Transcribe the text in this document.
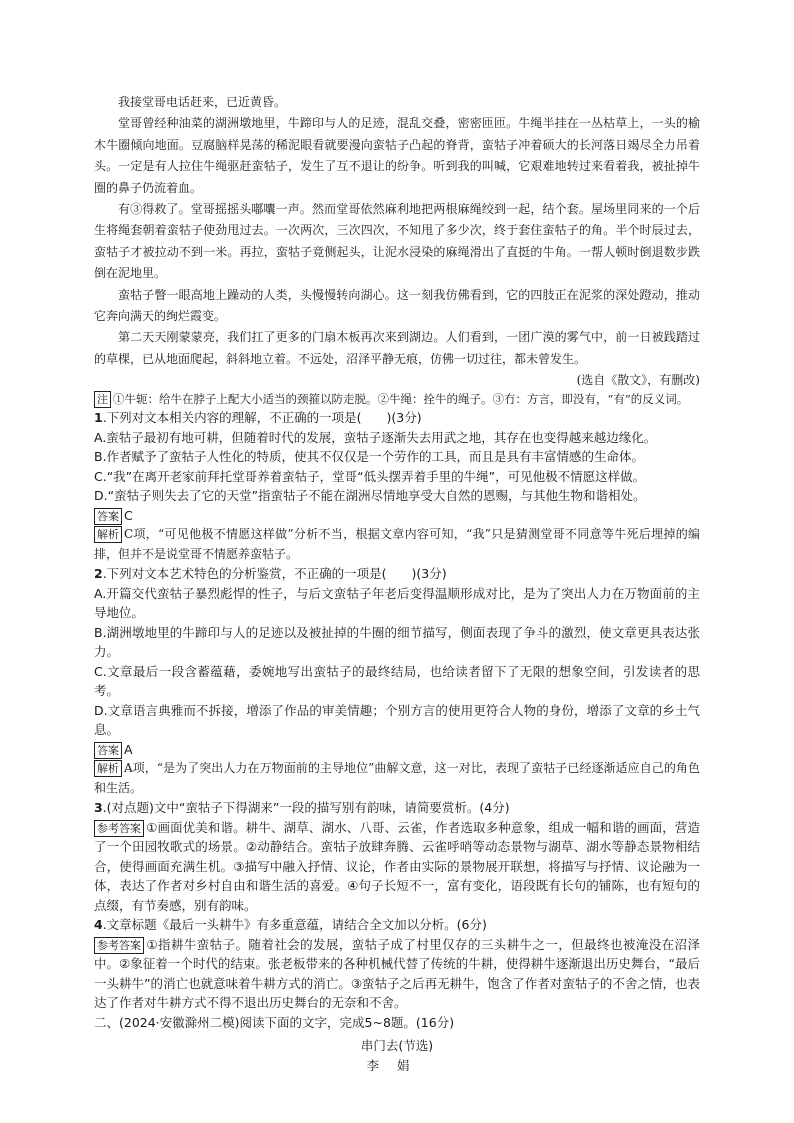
我接堂哥电话赶来，已近黄昏。

堂哥曾经种油菜的湖洲墩地里，牛蹄印与人的足迹，混乱交叠，密密匝匝。牛绳半挂在一丛枯草上，一头的榆木牛圈倾向地面。豆腐脑样晃荡的稀泥眼看就要漫向蛮牯子凸起的脊背，蛮牯子冲着硕大的长河落日竭尽全力吊着头。一定是有人拉住牛绳驱赶蛮牯子，发生了互不退让的纷争。听到我的叫喊，它艰难地转过来看着我，被扯掉牛圈的鼻子仍流着血。

有③得救了。堂哥摇摇头嘟囔一声。然而堂哥依然麻利地把两根麻绳绞到一起，结个套。屋场里同来的一个后生将绳套朝着蛮牯子使劲甩过去。一次两次，三次四次，不知甩了多少次，终于套住蛮牯子的角。半个时辰过去，蛮牯子才被拉动不到一米。再拉，蛮牯子竟侧起头，让泥水浸染的麻绳滑出了直挺的牛角。一帮人顿时倒退数步跌倒在泥地里。

蛮牯子瞥一眼高地上躁动的人类，头慢慢转向湖心。这一刻我仿佛看到，它的四肢正在泥浆的深处蹬动，推动它奔向满天的绚烂霞变。

第二天天刚蒙蒙亮，我们扛了更多的门扇木板再次来到湖边。人们看到，一团广漠的雾气中，前一日被践踏过的草棵，已从地面爬起，斜斜地立着。不远处，沼泽平静无痕，仿佛一切过往，都未曾发生。

(选自《散文》，有删改)

注 ①牛轭：给牛在脖子上配大小适当的颈箍以防走脱。②牛绳：拴牛的绳子。③冇：方言，即没有，“有”的反义词。

1.下列对文本相关内容的理解，不正确的一项是(　　)(3分)

A.蛮牯子最初有地可耕，但随着时代的发展，蛮牯子逐渐失去用武之地，其存在也变得越来越边缘化。

B.作者赋予了蛮牯子人性化的特质，使其不仅仅是一个劳作的工具，而且是具有丰富情感的生命体。

C.“我”在离开老家前拜托堂哥养着蛮牯子，堂哥“低头摆弄着手里的牛绳”，可见他极不情愿这样做。

D.“蛮牯子则失去了它的天堂”指蛮牯子不能在湖洲尽情地享受大自然的恩赐，与其他生物和谐相处。

答案 C

解析 C项，“可见他极不情愿这样做”分析不当，根据文章内容可知，“我”只是猜测堂哥不同意等牛死后埋掉的编排，但并不是说堂哥不情愿养蛮牯子。

2.下列对文本艺术特色的分析鉴赏，不正确的一项是(　　)(3分)

A.开篇交代蛮牯子暴烈彪悍的性子，与后文蛮牯子年老后变得温顺形成对比，是为了突出人力在万物面前的主导地位。

B.湖洲墩地里的牛蹄印与人的足迹以及被扯掉的牛圈的细节描写，侧面表现了争斗的激烈，使文章更具表达张力。

C.文章最后一段含蓄蕴藉，委婉地写出蛮牯子的最终结局，也给读者留下了无限的想象空间，引发读者的思考。

D.文章语言典雅而不拆接，增添了作品的审美情趣；个别方言的使用更符合人物的身份，增添了文章的乡土气息。

答案 A

解析 A项，“是为了突出人力在万物面前的主导地位”曲解文意，这一对比，表现了蛮牯子已经逐渐适应自己的角色和生活。

3.(对点题)文中“蛮牯子下得湖来”一段的描写别有韵味，请简要赏析。(4分)

参考答案 ①画面优美和谐。耕牛、湖草、湖水、八哥、云雀，作者选取多种意象，组成一幅和谐的画面，营造了一个田园牧歌式的场景。②动静结合。蛮牯子放肆奔腾、云雀呼哨等动态景物与湖草、湖水等静态景物相结合，使得画面充满生机。③描写中融入抒情、议论，作者由实际的景物展开联想，将描写与抒情、议论融为一体，表达了作者对乡村自由和谐生活的喜爱。④句子长短不一，富有变化，语段既有长句的铺陈，也有短句的点缀，有节奏感，别有韵味。

4.文章标题《最后一头耕牛》有多重意蕴，请结合全文加以分析。(6分)

参考答案 ①指耕牛蛮牯子。随着社会的发展，蛮牯子成了村里仅存的三头耕牛之一，但最终也被淹没在沼泽中。②象征着一个时代的结束。张老板带来的各种机械代替了传统的牛耕，使得耕牛逐渐退出历史舞台，“最后一头耕牛”的消亡也就意味着牛耕方式的消亡。③蛮牯子之后再无耕牛，饱含了作者对蛮牯子的不舍之情，也表达了作者对牛耕方式不得不退出历史舞台的无奈和不舍。

二、(2024·安徽滁州二模)阅读下面的文字，完成5~8题。(16分)

串门去(节选)
李娟
